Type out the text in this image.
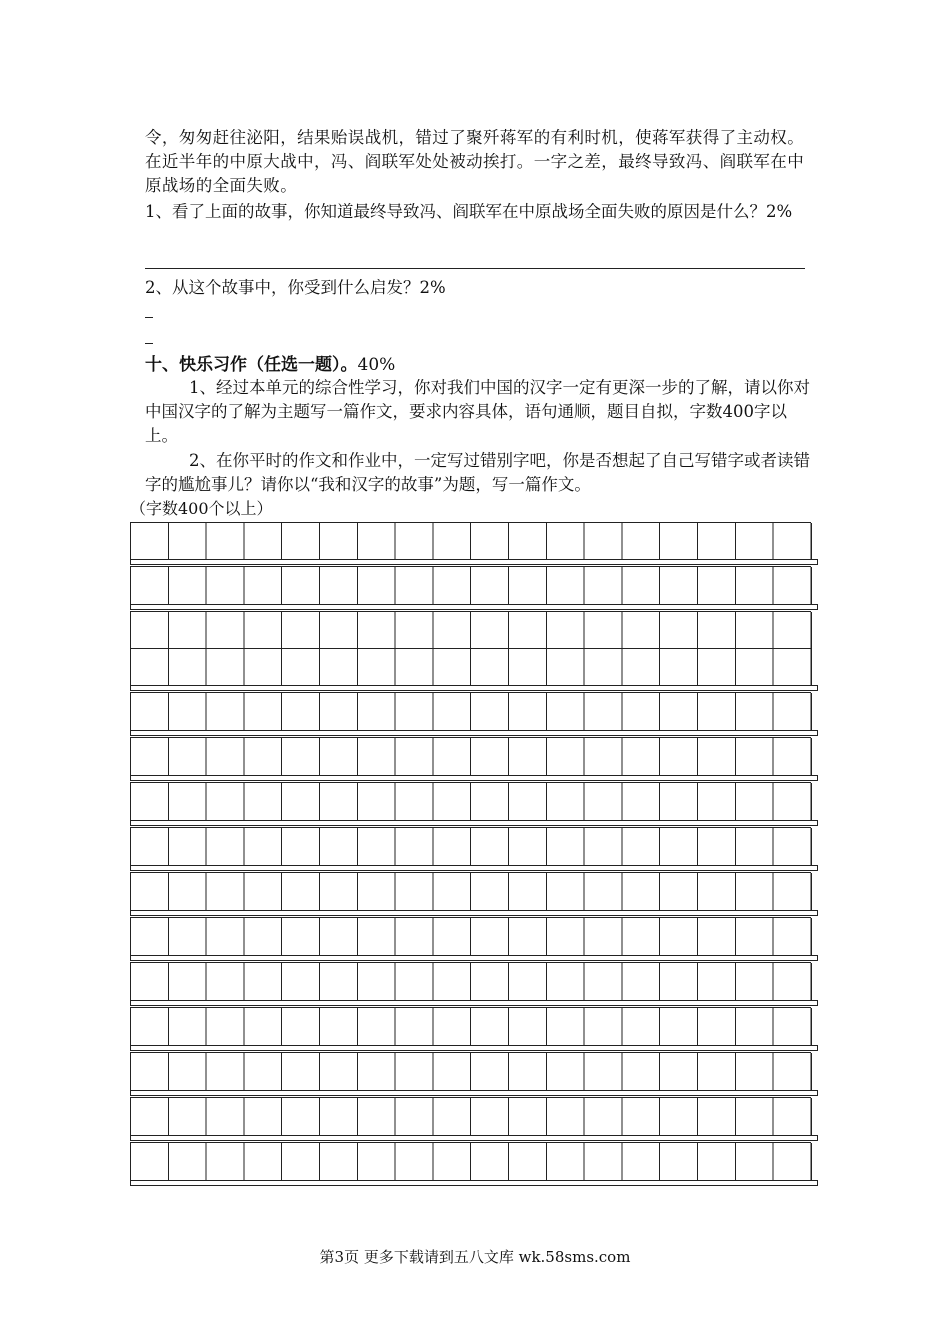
令，匆匆赶往泌阳，结果贻误战机，错过了聚歼蒋军的有利时机，使蒋军获得了主动权。在近半年的中原大战中，冯、阎联军处处被动挨打。一字之差，最终导致冯、阎联军在中原战场的全面失败。

1、看了上面的故事，你知道最终导致冯、阎联军在中原战场全面失败的原因是什么？2%

2、从这个故事中，你受到什么启发？2%

十、快乐习作（任选一题）。40%

1、经过本单元的综合性学习，你对我们中国的汉字一定有更深一步的了解，请以你对中国汉字的了解为主题写一篇作文，要求内容具体，语句通顺，题目自拟，字数400字以上。

2、在你平时的作文和作业中，一定写过错别字吧，你是否想起了自己写错字或者读错字的尴尬事儿？请你以“我和汉字的故事”为题，写一篇作文。

（字数400个以上）

第3页 更多下载请到五八文库 wk.58sms.com
